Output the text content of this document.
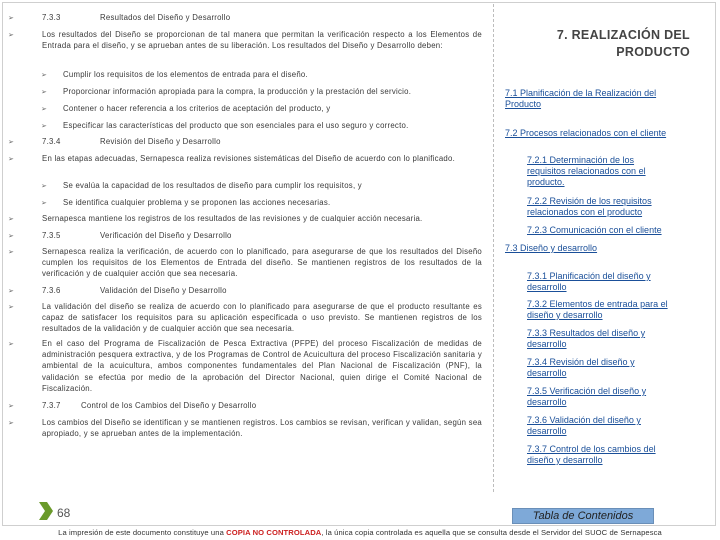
➢	7.3.3	Resultados del Diseño y Desarrollo
➢	Los resultados del Diseño se proporcionan de tal manera que permitan la verificación respecto a los Elementos de Entrada para el diseño, y se aprueban antes de su liberación. Los resultados del Diseño y Desarrollo deben:
➢ Cumplir los requisitos de los elementos de entrada para el diseño.
➢ Proporcionar información apropiada para la compra, la producción y la prestación del servicio.
➢ Contener o hacer referencia a los criterios de aceptación del producto, y
➢ Especificar las características del producto que son esenciales para el uso seguro y correcto.
➢	7.3.4	Revisión del Diseño y Desarrollo
➢	En las etapas adecuadas, Sernapesca realiza revisiones sistemáticas del Diseño de acuerdo con lo planificado.
➢ Se evalúa la capacidad de los resultados de diseño para cumplir los requisitos, y
➢ Se identifica cualquier problema y se proponen las acciones necesarias.
➢	Sernapesca mantiene los registros de los resultados de las revisiones y de cualquier acción necesaria.
➢	7.3.5	Verificación del Diseño y Desarrollo
➢	Sernapesca realiza la verificación, de acuerdo con lo planificado, para asegurarse de que los resultados del Diseño cumplen los requisitos de los Elementos de Entrada del diseño. Se mantienen registros de los resultados de la verificación y de cualquier acción que sea necesaria.
➢	7.3.6	Validación del Diseño y Desarrollo
➢	La validación del diseño se realiza de acuerdo con lo planificado para asegurarse de que el producto resultante es capaz de satisfacer los requisitos para su aplicación especificada o uso previsto. Se mantienen registros de los resultados de la validación y de cualquier acción que sea necesaria.
➢	En el caso del Programa de Fiscalización de Pesca Extractiva (PFPE) del proceso Fiscalización de medidas de administración pesquera extractiva, y de los Programas de Control de Acuicultura del proceso Fiscalización sanitaria y ambiental de la acuicultura, ambos componentes fundamentales del Plan Nacional de Fiscalización (PNF), la validación se efectúa por medio de la aprobación del Director Nacional, quien dirige el Comité Nacional de Fiscalización.
➢	7.3.7	Control de los Cambios del Diseño y Desarrollo
➢	Los cambios del Diseño se identifican y se mantienen registros. Los cambios se revisan, verifican y validan, según sea apropiado, y se aprueban antes de la implementación.
7. REALIZACIÓN DEL
PRODUCTO
7.1 Planificación de la Realización del
Producto
7.2 Procesos relacionados con el cliente
7.2.1 Determinación de los
requisitos relacionados con el
producto.
7.2.2 Revisión de los requisitos
relacionados con el producto
7.2.3 Comunicación con el cliente
7.3 Diseño y desarrollo
7.3.1 Planificación del diseño y
desarrollo
7.3.2 Elementos de entrada para el
diseño y desarrollo
7.3.3 Resultados del diseño y
desarrollo
7.3.4 Revisión del diseño y
desarrollo
7.3.5 Verificación del diseño y
desarrollo
7.3.6 Validación del diseño y
desarrollo
7.3.7 Control de los cambios del
diseño y desarrollo
68	Tabla de Contenidos
La impresión de este documento constituye una COPIA NO CONTROLADA, la única copia controlada es aquella que se consulta desde el Servidor del SUOC de Sernapesca
